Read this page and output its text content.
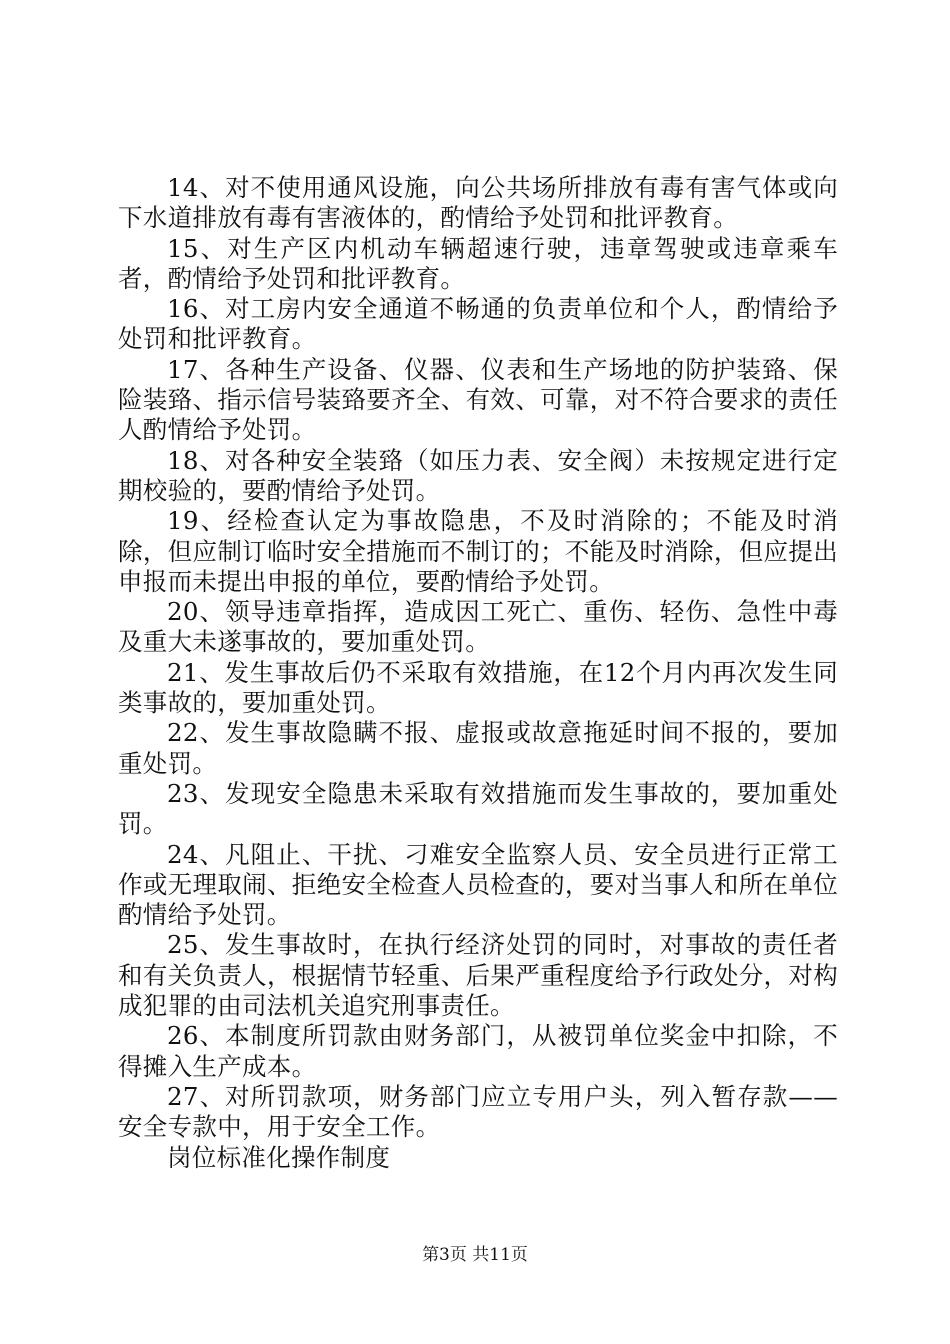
14、对不使用通风设施，向公共场所排放有毒有害气体或向下水道排放有毒有害液体的，酌情给予处罚和批评教育。

15、对生产区内机动车辆超速行驶，违章驾驶或违章乘车者，酌情给予处罚和批评教育。

16、对工房内安全通道不畅通的负责单位和个人，酌情给予处罚和批评教育。

17、各种生产设备、仪器、仪表和生产场地的防护装臵、保险装臵、指示信号装臵要齐全、有效、可靠，对不符合要求的责任人酌情给予处罚。

18、对各种安全装臵（如压力表、安全阀）未按规定进行定期校验的，要酌情给予处罚。

19、经检查认定为事故隐患，不及时消除的；不能及时消除，但应制订临时安全措施而不制订的；不能及时消除，但应提出申报而未提出申报的单位，要酌情给予处罚。

20、领导违章指挥，造成因工死亡、重伤、轻伤、急性中毒及重大未遂事故的，要加重处罚。

21、发生事故后仍不采取有效措施，在12个月内再次发生同类事故的，要加重处罚。

22、发生事故隐瞒不报、虚报或故意拖延时间不报的，要加重处罚。

23、发现安全隐患未采取有效措施而发生事故的，要加重处罚。

24、凡阻止、干扰、刁难安全监察人员、安全员进行正常工作或无理取闹、拒绝安全检查人员检查的，要对当事人和所在单位酌情给予处罚。

25、发生事故时，在执行经济处罚的同时，对事故的责任者和有关负责人，根据情节轻重、后果严重程度给予行政处分，对构成犯罪的由司法机关追究刑事责任。

26、本制度所罚款由财务部门，从被罚单位奖金中扣除，不得摊入生产成本。

27、对所罚款项，财务部门应立专用户头，列入暂存款——安全专款中，用于安全工作。

岗位标准化操作制度

第3页 共11页
